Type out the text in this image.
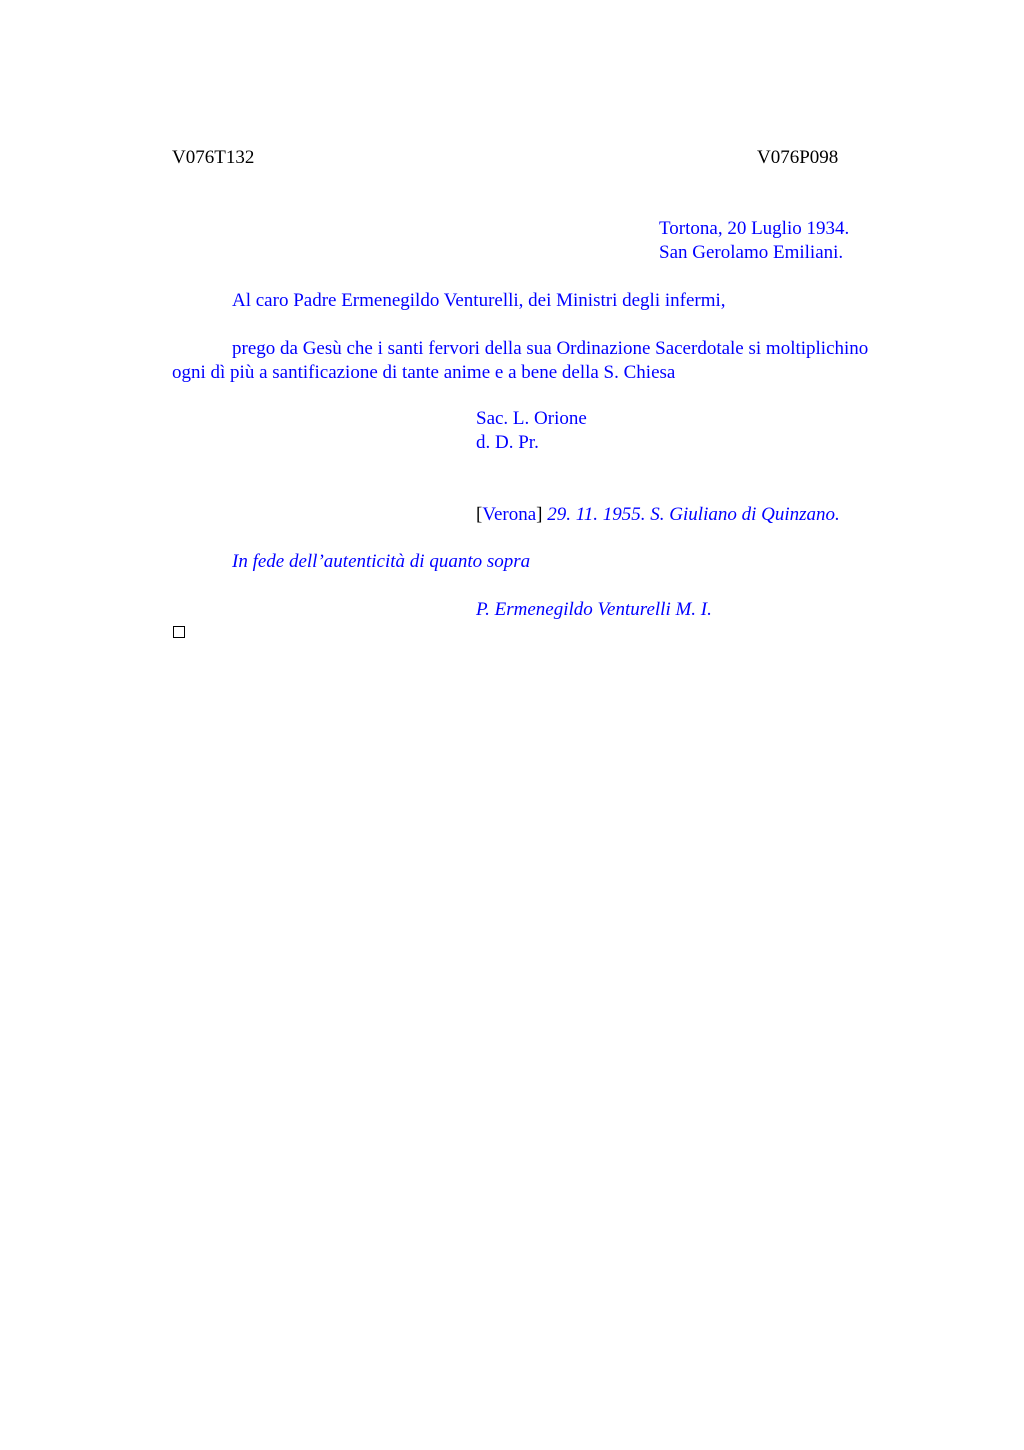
V076T132	V076P098
Tortona, 20 Luglio 1934.
San Gerolamo Emiliani.
Al caro Padre Ermenegildo Venturelli, dei Ministri degli infermi,
prego da Gesù che i santi fervori della sua Ordinazione Sacerdotale si moltiplichino
ogni dì più a santificazione di tante anime e a bene della S. Chiesa
Sac. L. Orione
d. D. Pr.
[Verona] 29. 11. 1955. S. Giuliano di Quinzano.
In fede dell’autenticità di quanto sopra
P. Ermenegildo Venturelli M. I.
